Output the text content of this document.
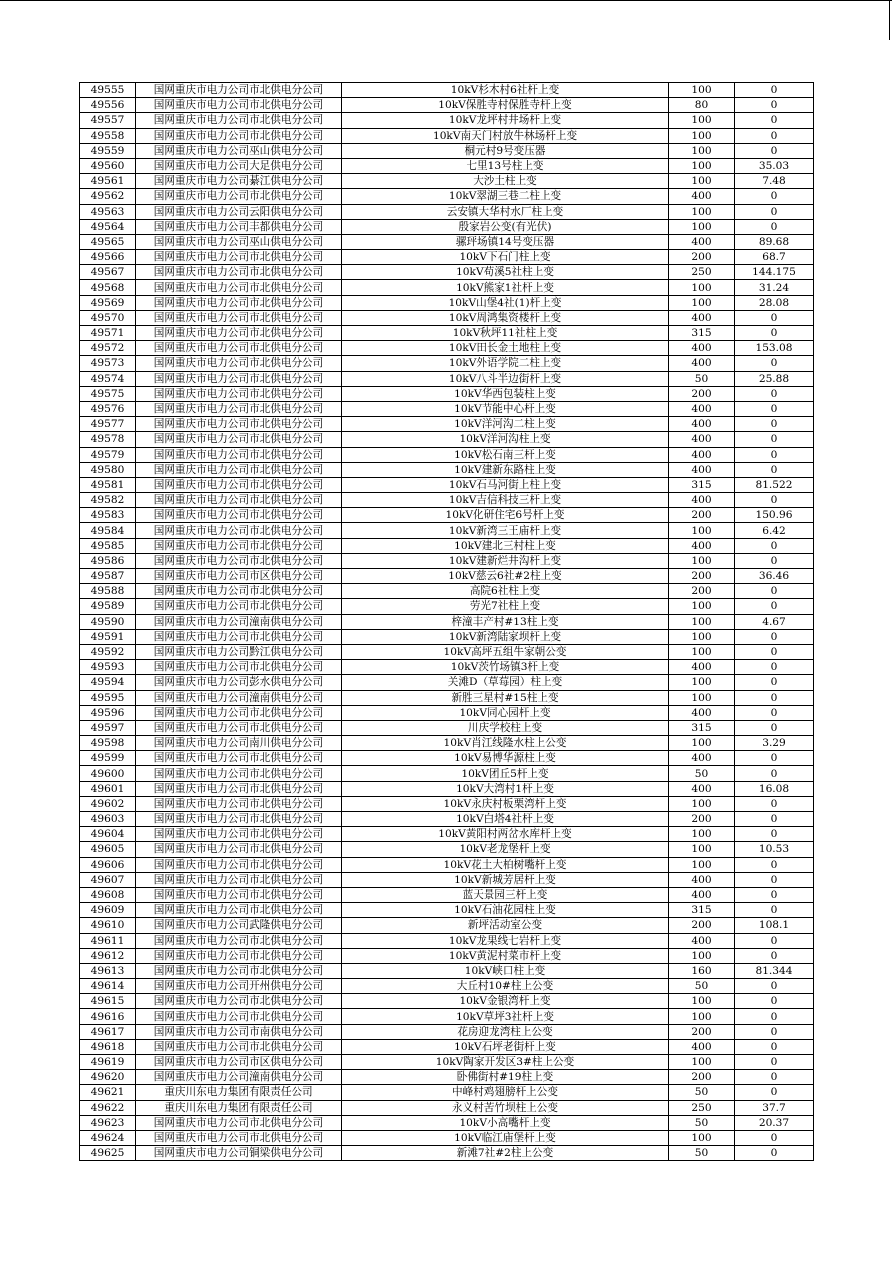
49555	国网重庆市电力公司市北供电分公司	10kV杉木村6社杆上变	100	0
49556	国网重庆市电力公司市北供电分公司	10kV保胜寺村保胜寺杆上变	80	0
49557	国网重庆市电力公司市北供电分公司	10kV龙坪村井场杆上变	100	0
49558	国网重庆市电力公司市北供电分公司	10kV南天门村放牛林场杆上变	100	0
49559	国网重庆市电力公司巫山供电分公司	桐元村9号变压器	100	0
49560	国网重庆市电力公司大足供电分公司	七里13号柱上变	100	35.03
49561	国网重庆市电力公司綦江供电分公司	大沙土柱上变	100	7.48
49562	国网重庆市电力公司市北供电分公司	10kV翠湖三巷二柱上变	400	0
49563	国网重庆市电力公司云阳供电分公司	云安镇大华村水厂柱上变	100	0
49564	国网重庆市电力公司丰都供电分公司	殷家岩公变(有光伏)	100	0
49565	国网重庆市电力公司巫山供电分公司	骡玶场镇14号变压器	400	89.68
49566	国网重庆市电力公司市北供电分公司	10kV下石门柱上变	200	68.7
49567	国网重庆市电力公司市北供电分公司	10kV苟溪5社柱上变	250	144.175
49568	国网重庆市电力公司市北供电分公司	10kV熊家1社杆上变	100	31.24
49569	国网重庆市电力公司市北供电分公司	10kV山堡4社(1)杆上变	100	28.08
49570	国网重庆市电力公司市北供电分公司	10kV周鸿集资楼杆上变	400	0
49571	国网重庆市电力公司市北供电分公司	10kV秋坪11社柱上变	315	0
49572	国网重庆市电力公司市北供电分公司	10kV田长金土地柱上变	400	153.08
49573	国网重庆市电力公司市北供电分公司	10kV外语学院二柱上变	400	0
49574	国网重庆市电力公司市北供电分公司	10kV八斗半边街杆上变	50	25.88
49575	国网重庆市电力公司市北供电分公司	10kV华西包装柱上变	200	0
49576	国网重庆市电力公司市北供电分公司	10kV节能中心杆上变	400	0
49577	国网重庆市电力公司市北供电分公司	10kV洋河沟二柱上变	400	0
49578	国网重庆市电力公司市北供电分公司	10kV洋河沟柱上变	400	0
49579	国网重庆市电力公司市北供电分公司	10kV松石南三杆上变	400	0
49580	国网重庆市电力公司市北供电分公司	10kV建新东路柱上变	400	0
49581	国网重庆市电力公司市北供电分公司	10kV石马河街上柱上变	315	81.522
49582	国网重庆市电力公司市北供电分公司	10kV吉信科技三杆上变	400	0
49583	国网重庆市电力公司市北供电分公司	10kV化研住宅6号杆上变	200	150.96
49584	国网重庆市电力公司市北供电分公司	10kV新湾三王庙杆上变	100	6.42
49585	国网重庆市电力公司市北供电分公司	10kV建北三村柱上变	400	0
49586	国网重庆市电力公司市北供电分公司	10kV建新烂井沟杆上变	100	0
49587	国网重庆市电力公司市区供电分公司	10kV慈云6社#2柱上变	200	36.46
49588	国网重庆市电力公司市北供电分公司	高院6社柱上变	200	0
49589	国网重庆市电力公司市北供电分公司	劳光7社柱上变	100	0
49590	国网重庆市电力公司潼南供电分公司	梓潼丰产村#13柱上变	100	4.67
49591	国网重庆市电力公司市北供电分公司	10kV新湾陆家坝杆上变	100	0
49592	国网重庆市电力公司黔江供电分公司	10kV高坪五组牛家朝公变	100	0
49593	国网重庆市电力公司市北供电分公司	10kV茨竹场镇3杆上变	400	0
49594	国网重庆市电力公司彭水供电分公司	关滩D（草莓园）柱上变	100	0
49595	国网重庆市电力公司潼南供电分公司	新胜三星村#15柱上变	100	0
49596	国网重庆市电力公司市北供电分公司	10kV同心园杆上变	400	0
49597	国网重庆市电力公司市北供电分公司	川庆学校柱上变	315	0
49598	国网重庆市电力公司南川供电分公司	10kV肖江线隆水柱上公变	100	3.29
49599	国网重庆市电力公司市北供电分公司	10kV易博华源柱上变	400	0
49600	国网重庆市电力公司市北供电分公司	10kV团丘5杆上变	50	0
49601	国网重庆市电力公司市北供电分公司	10kV大湾村1杆上变	400	16.08
49602	国网重庆市电力公司市北供电分公司	10kV永庆村板栗湾杆上变	100	0
49603	国网重庆市电力公司市北供电分公司	10kV白塔4社杆上变	200	0
49604	国网重庆市电力公司市北供电分公司	10kV黄阳村两岔水库杆上变	100	0
49605	国网重庆市电力公司市北供电分公司	10kV老龙堡杆上变	100	10.53
49606	国网重庆市电力公司市北供电分公司	10kV花土大柏树嘴杆上变	100	0
49607	国网重庆市电力公司市北供电分公司	10kV新城芳居杆上变	400	0
49608	国网重庆市电力公司市北供电分公司	蓝天景园三杆上变	400	0
49609	国网重庆市电力公司市北供电分公司	10kV石油花园柱上变	315	0
49610	国网重庆市电力公司武隆供电分公司	新坪活动室公变	200	108.1
49611	国网重庆市电力公司市北供电分公司	10kV龙果线七岩杆上变	400	0
49612	国网重庆市电力公司市北供电分公司	10kV黄泥村菜市杆上变	100	0
49613	国网重庆市电力公司市北供电分公司	10kV峡口柱上变	160	81.344
49614	国网重庆市电力公司开州供电分公司	大丘村10#柱上公变	50	0
49615	国网重庆市电力公司市北供电分公司	10kV金银湾杆上变	100	0
49616	国网重庆市电力公司市北供电分公司	10kV草坪3社杆上变	100	0
49617	国网重庆市电力公司市南供电分公司	花房迎龙湾柱上公变	200	0
49618	国网重庆市电力公司市北供电分公司	10kV石坪老街杆上变	400	0
49619	国网重庆市电力公司市区供电分公司	10kV陶家开发区3#柱上公变	100	0
49620	国网重庆市电力公司潼南供电分公司	卧佛街村#19柱上变	200	0
49621	重庆川东电力集团有限责任公司	中峰村鸡翅膀杆上公变	50	0
49622	重庆川东电力集团有限责任公司	永义村苦竹坝柱上公变	250	37.7
49623	国网重庆市电力公司市北供电分公司	10kV小高嘴杆上变	50	20.37
49624	国网重庆市电力公司市北供电分公司	10kV临江庙堡杆上变	100	0
49625	国网重庆市电力公司铜梁供电分公司	新滩7社#2柱上公变	50	0
